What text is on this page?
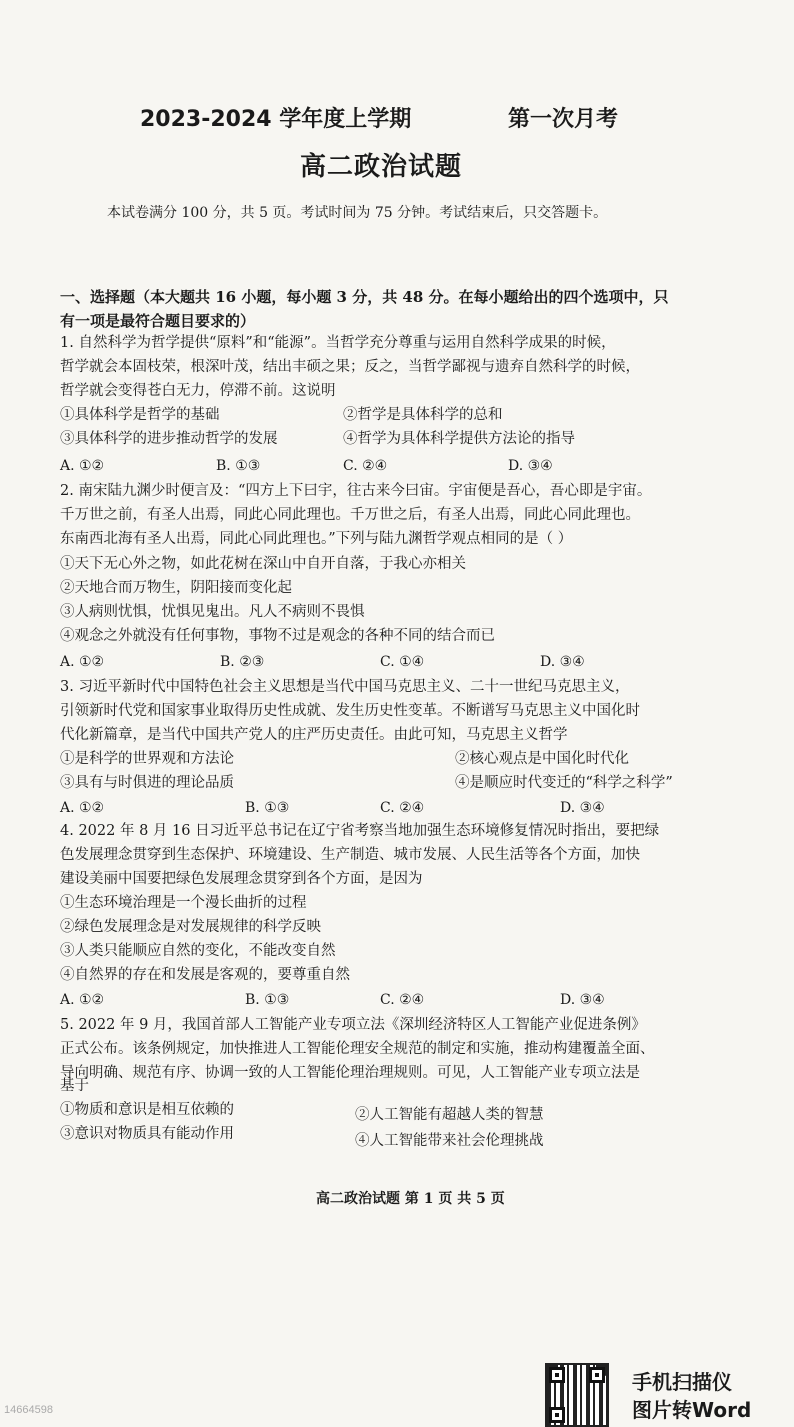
2023-2024 学年度上学期	第一次月考
高二政治试题
本试卷满分 100 分，共 5 页。考试时间为 75 分钟。考试结束后，只交答题卡。
一、选择题（本大题共 16 小题，每小题 3 分，共 48 分。在每小题给出的四个选项中，只
有一项是最符合题目要求的）
1. 自然科学为哲学提供“原料”和“能源”。当哲学充分尊重与运用自然科学成果的时候，
哲学就会本固枝荣，根深叶茂，结出丰硕之果；反之，当哲学鄙视与遗弃自然科学的时候，
哲学就会变得苍白无力，停滞不前。这说明
①具体科学是哲学的基础	②哲学是具体科学的总和
③具体科学的进步推动哲学的发展	④哲学为具体科学提供方法论的指导
A. ①②	B. ①③	C. ②④	D. ③④
2. 南宋陆九渊少时便言及：“四方上下曰宇，往古来今曰宙。宇宙便是吾心，吾心即是宇宙。
千万世之前，有圣人出焉，同此心同此理也。千万世之后，有圣人出焉，同此心同此理也。
东南西北海有圣人出焉，同此心同此理也。”下列与陆九渊哲学观点相同的是（ ）
①天下无心外之物，如此花树在深山中自开自落，于我心亦相关
②天地合而万物生，阴阳接而变化起
③人病则忧惧，忧惧见鬼出。凡人不病则不畏惧
④观念之外就没有任何事物，事物不过是观念的各种不同的结合而已
A. ①②	B. ②③	C. ①④	D. ③④
3. 习近平新时代中国特色社会主义思想是当代中国马克思主义、二十一世纪马克思主义，
引领新时代党和国家事业取得历史性成就、发生历史性变革。不断谱写马克思主义中国化时
代化新篇章，是当代中国共产党人的庄严历史责任。由此可知，马克思主义哲学
①是科学的世界观和方法论	②核心观点是中国化时代化
③具有与时俱进的理论品质	④是顺应时代变迁的“科学之科学”
A. ①②	B. ①③	C. ②④	D. ③④
4. 2022 年 8 月 16 日习近平总书记在辽宁省考察当地加强生态环境修复情况时指出，要把绿
色发展理念贯穿到生态保护、环境建设、生产制造、城市发展、人民生活等各个方面，加快
建设美丽中国要把绿色发展理念贯穿到各个方面，是因为
①生态环境治理是一个漫长曲折的过程
②绿色发展理念是对发展规律的科学反映
③人类只能顺应自然的变化，不能改变自然
④自然界的存在和发展是客观的，要尊重自然
A. ①②	B. ①③	C. ②④	D. ③④
5. 2022 年 9 月，我国首部人工智能产业专项立法《深圳经济特区人工智能产业促进条例》
正式公布。该条例规定，加快推进人工智能伦理安全规范的制定和实施，推动构建覆盖全面、
导向明确、规范有序、协调一致的人工智能伦理治理规则。可见，人工智能产业专项立法是
基于
①物质和意识是相互依赖的	②人工智能有超越人类的智慧
③意识对物质具有能动作用	④人工智能带来社会伦理挑战
高二政治试题 第 1 页 共 5 页
手机扫描仪
图片转Word
14664598
